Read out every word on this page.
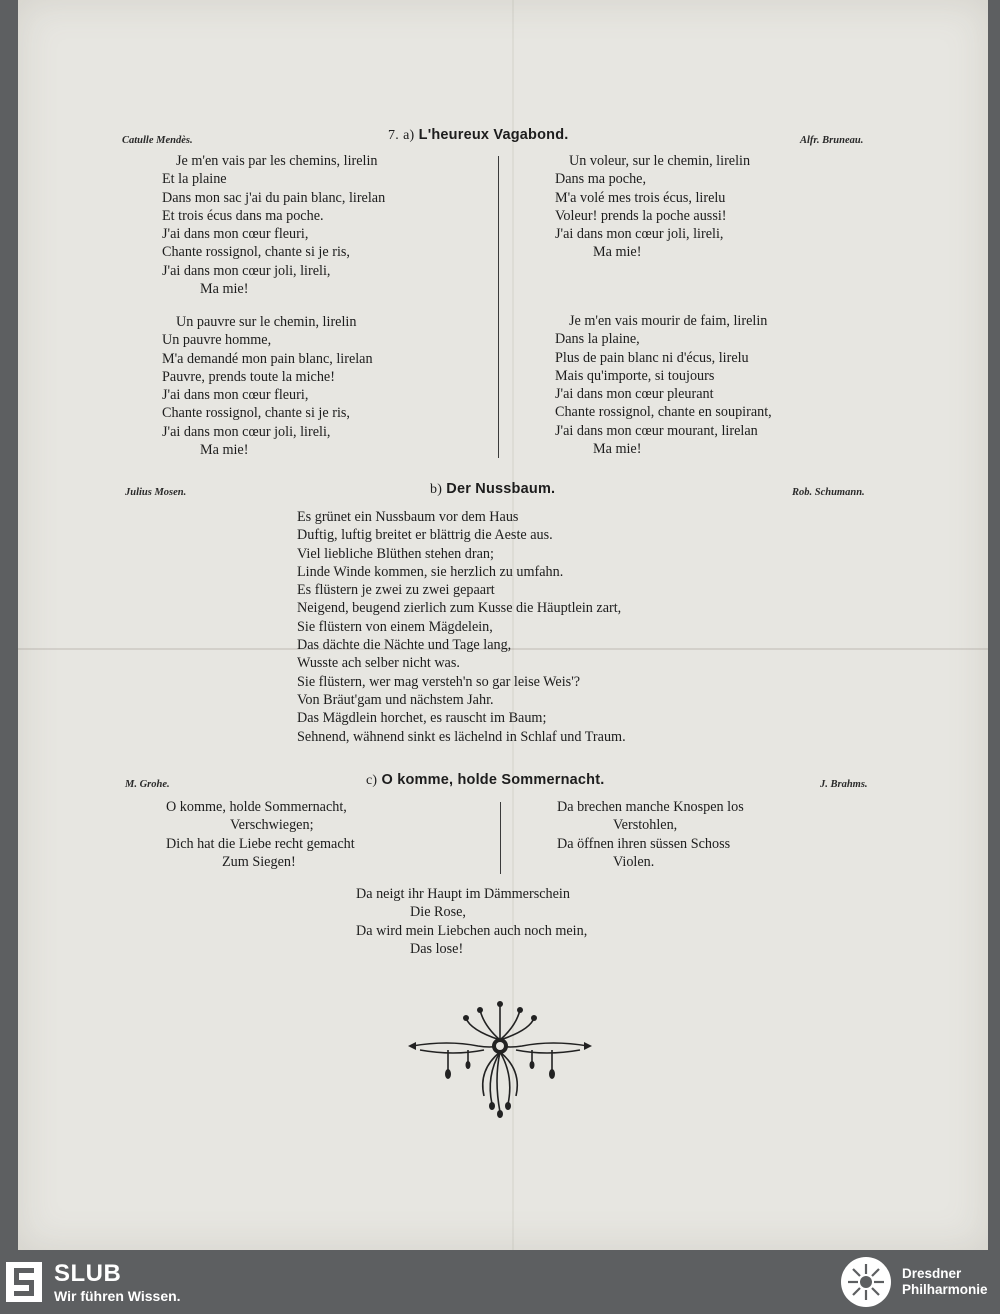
Catulle Mendès.	7. a) L'heureux Vagabond.	Alfr. Bruneau.
Je m'en vais par les chemins, lirelin
Et la plaine
Dans mon sac j'ai du pain blanc, lirelan
Et trois écus dans ma poche.
J'ai dans mon cœur fleuri,
Chante rossignol, chante si je ris,
J'ai dans mon cœur joli, lireli,
Ma mie!
Un pauvre sur le chemin, lirelin
Un pauvre homme,
M'a demandé mon pain blanc, lirelan
Pauvre, prends toute la miche!
J'ai dans mon cœur fleuri,
Chante rossignol, chante si je ris,
J'ai dans mon cœur joli, lireli,
Ma mie!
Un voleur, sur le chemin, lirelin
Dans ma poche,
M'a volé mes trois écus, lirelu
Voleur! prends la poche aussi!
J'ai dans mon cœur joli, lireli,
Ma mie!
Je m'en vais mourir de faim, lirelin
Dans la plaine,
Plus de pain blanc ni d'écus, lirelu
Mais qu'importe, si toujours
J'ai dans mon cœur pleurant
Chante rossignol, chante en soupirant,
J'ai dans mon cœur mourant, lirelan
Ma mie!
Julius Mosen.	b) Der Nussbaum.	Rob. Schumann.
Es grünet ein Nussbaum vor dem Haus
Duftig, luftig breitet er blättrig die Aeste aus.
Viel liebliche Blüthen stehen dran;
Linde Winde kommen, sie herzlich zu umfahn.
Es flüstern je zwei zu zwei gepaart
Neigend, beugend zierlich zum Kusse die Häuptlein zart,
Sie flüstern von einem Mägdelein,
Das dächte die Nächte und Tage lang,
Wusste ach selber nicht was.
Sie flüstern, wer mag versteh'n so gar leise Weis'?
Von Bräut'gam und nächstem Jahr.
Das Mägdlein horchet, es rauscht im Baum;
Sehnend, wähnend sinkt es lächelnd in Schlaf und Traum.
M. Grohe.	c) O komme, holde Sommernacht.	J. Brahms.
O komme, holde Sommernacht,
Verschwiegen;
Dich hat die Liebe recht gemacht
Zum Siegen!
Da brechen manche Knospen los
Verstohlen,
Da öffnen ihren süssen Schoss
Violen.
Da neigt ihr Haupt im Dämmerschein
Die Rose,
Da wird mein Liebchen auch noch mein,
Das lose!
SLUB
Wir führen Wissen.
Dresdner
Philharmonie
